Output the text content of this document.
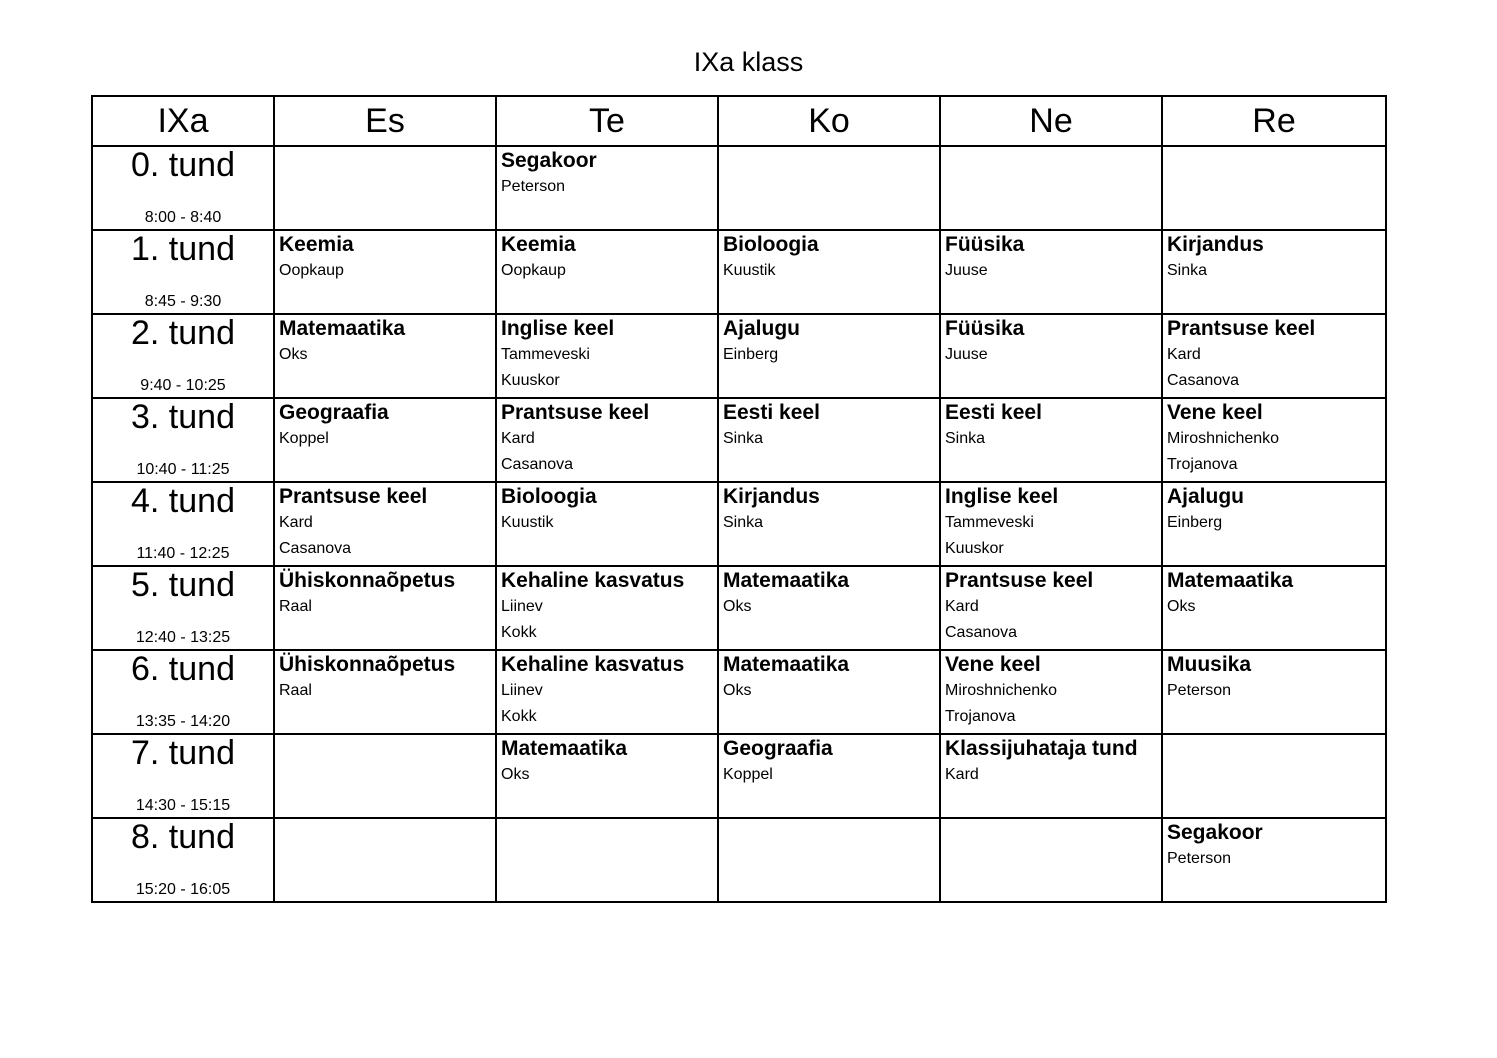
IXa klass
IXa	Es	Te	Ko	Ne	Re

0. tund
8:00 - 8:40		Segakoor
Peterson			

1. tund
8:45 - 9:30	Keemia
Oopkaup	Keemia
Oopkaup	Bioloogia
Kuustik	Füüsika
Juuse	Kirjandus
Sinka

2. tund
9:40 - 10:25	Matemaatika
Oks	Inglise keel
Tammeveski
Kuuskor	Ajalugu
Einberg	Füüsika
Juuse	Prantsuse keel
Kard
Casanova

3. tund
10:40 - 11:25	Geograafia
Koppel	Prantsuse keel
Kard
Casanova	Eesti keel
Sinka	Eesti keel
Sinka	Vene keel
Miroshnichenko
Trojanova

4. tund
11:40 - 12:25	Prantsuse keel
Kard
Casanova	Bioloogia
Kuustik	Kirjandus
Sinka	Inglise keel
Tammeveski
Kuuskor	Ajalugu
Einberg

5. tund
12:40 - 13:25	Ühiskonnaõpetus
Raal	Kehaline kasvatus
Liinev
Kokk	Matemaatika
Oks	Prantsuse keel
Kard
Casanova	Matemaatika
Oks

6. tund
13:35 - 14:20	Ühiskonnaõpetus
Raal	Kehaline kasvatus
Liinev
Kokk	Matemaatika
Oks	Vene keel
Miroshnichenko
Trojanova	Muusika
Peterson

7. tund
14:30 - 15:15		Matemaatika
Oks	Geograafia
Koppel	Klassijuhataja tund
Kard	

8. tund
15:20 - 16:05					Segakoor
Peterson
